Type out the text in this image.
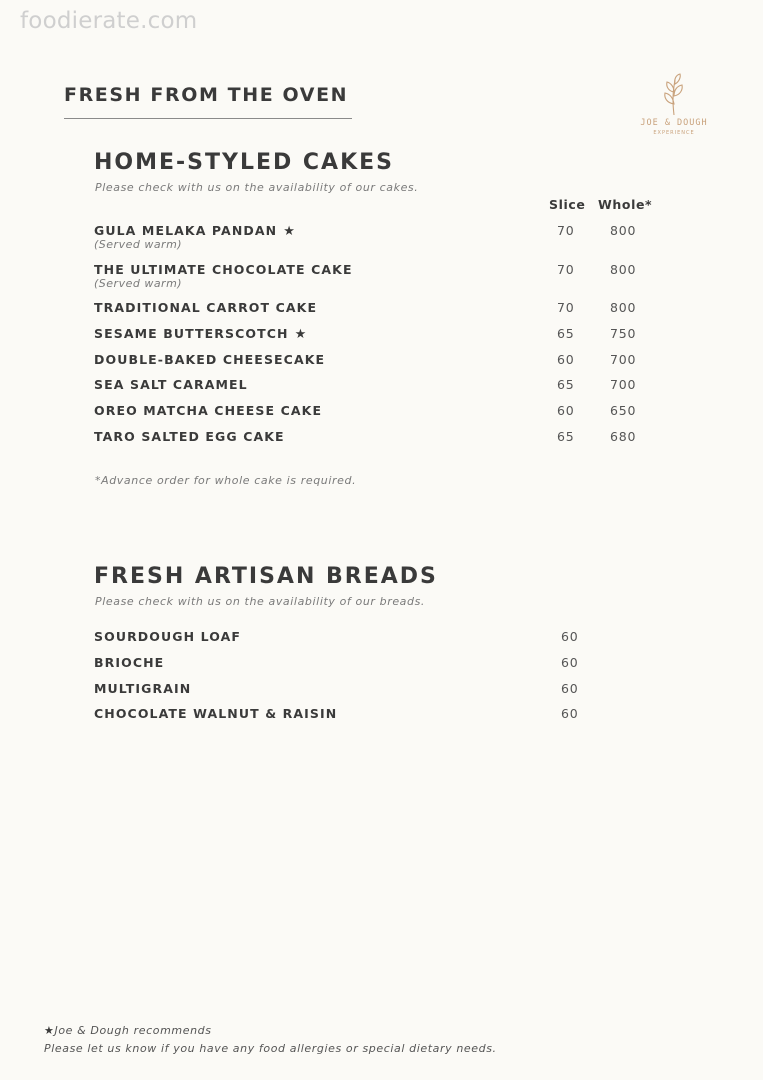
foodierate.com
FRESH FROM THE OVEN
JOE & DOUGH
EXPERIENCE
HOME-STYLED CAKES
Please check with us on the availability of our cakes.
Slice Whole*
GULA MELAKA PANDAN ★
(Served warm)
70	800
THE ULTIMATE CHOCOLATE CAKE
(Served warm)
70	800
TRADITIONAL CARROT CAKE	70	800
SESAME BUTTERSCOTCH ★	65	750
DOUBLE-BAKED CHEESECAKE	60	700
SEA SALT CARAMEL	65	700
OREO MATCHA CHEESE CAKE	60	650
TARO SALTED EGG CAKE	65	680
*Advance order for whole cake is required.
FRESH ARTISAN BREADS
Please check with us on the availability of our breads.
SOURDOUGH LOAF	60
BRIOCHE	60
MULTIGRAIN	60
CHOCOLATE WALNUT & RAISIN	60
★Joe & Dough recommends
Please let us know if you have any food allergies or special dietary needs.
